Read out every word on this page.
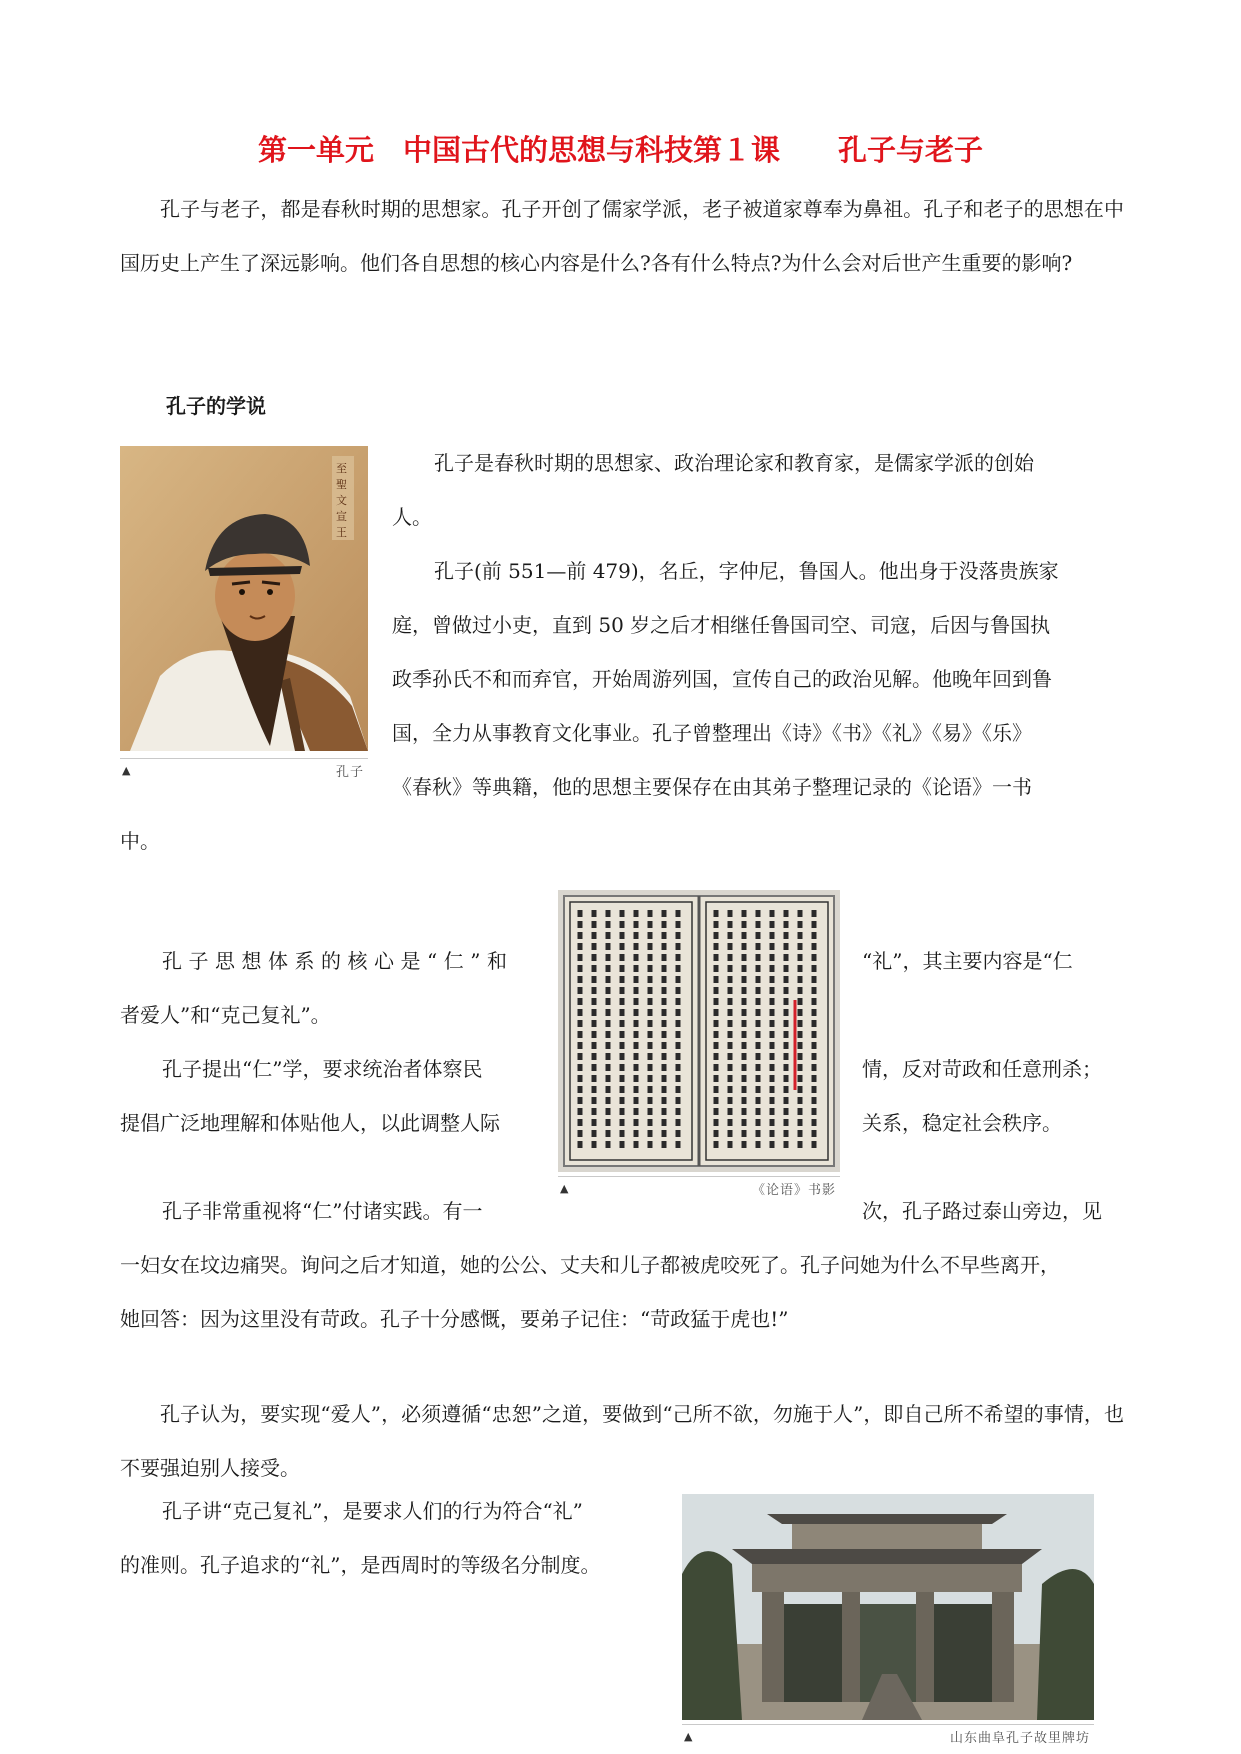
第一单元　中国古代的思想与科技第１课　　孔子与老子

孔子与老子，都是春秋时期的思想家。孔子开创了儒家学派，老子被道家尊奉为鼻祖。孔子和老子的思想在中国历史上产生了深远影响。他们各自思想的核心内容是什么?各有什么特点?为什么会对后世产生重要的影响?

孔子的学说
至
聖
文
宣
王
▲	孔子
孔子是春秋时期的思想家、政治理论家和教育家，是儒家学派的创始
人。
孔子(前 551—前 479)，名丘，字仲尼，鲁国人。他出身于没落贵族家
庭，曾做过小吏，直到 50 岁之后才相继任鲁国司空、司寇，后因与鲁国执
政季孙氏不和而弃官，开始周游列国，宣传自己的政治见解。他晚年回到鲁
国，全力从事教育文化事业。孔子曾整理出《诗》《书》《礼》《易》《乐》
《春秋》等典籍，他的思想主要保存在由其弟子整理记录的《论语》一书
中。
▲	《论语》书影
孔子思想体系的核心是“仁”和	“礼”，其主要内容是“仁
者爱人”和“克己复礼”。
孔子提出“仁”学，要求统治者体察民	情，反对苛政和任意刑杀；
提倡广泛地理解和体贴他人，以此调整人际	关系，稳定社会秩序。
孔子非常重视将“仁”付诸实践。有一	次，孔子路过泰山旁边，见
一妇女在坟边痛哭。询问之后才知道，她的公公、丈夫和儿子都被虎咬死了。孔子问她为什么不早些离开，
她回答：因为这里没有苛政。孔子十分感慨，要弟子记住：“苛政猛于虎也!”

孔子认为，要实现“爱人”，必须遵循“忠恕”之道，要做到“己所不欲，勿施于人”，即自己所不希望的事情，也不要强迫别人接受。

孔子讲“克己复礼”，是要求人们的行为符合“礼”
的准则。孔子追求的“礼”，是西周时的等级名分制度。
▲	山东曲阜孔子故里牌坊
